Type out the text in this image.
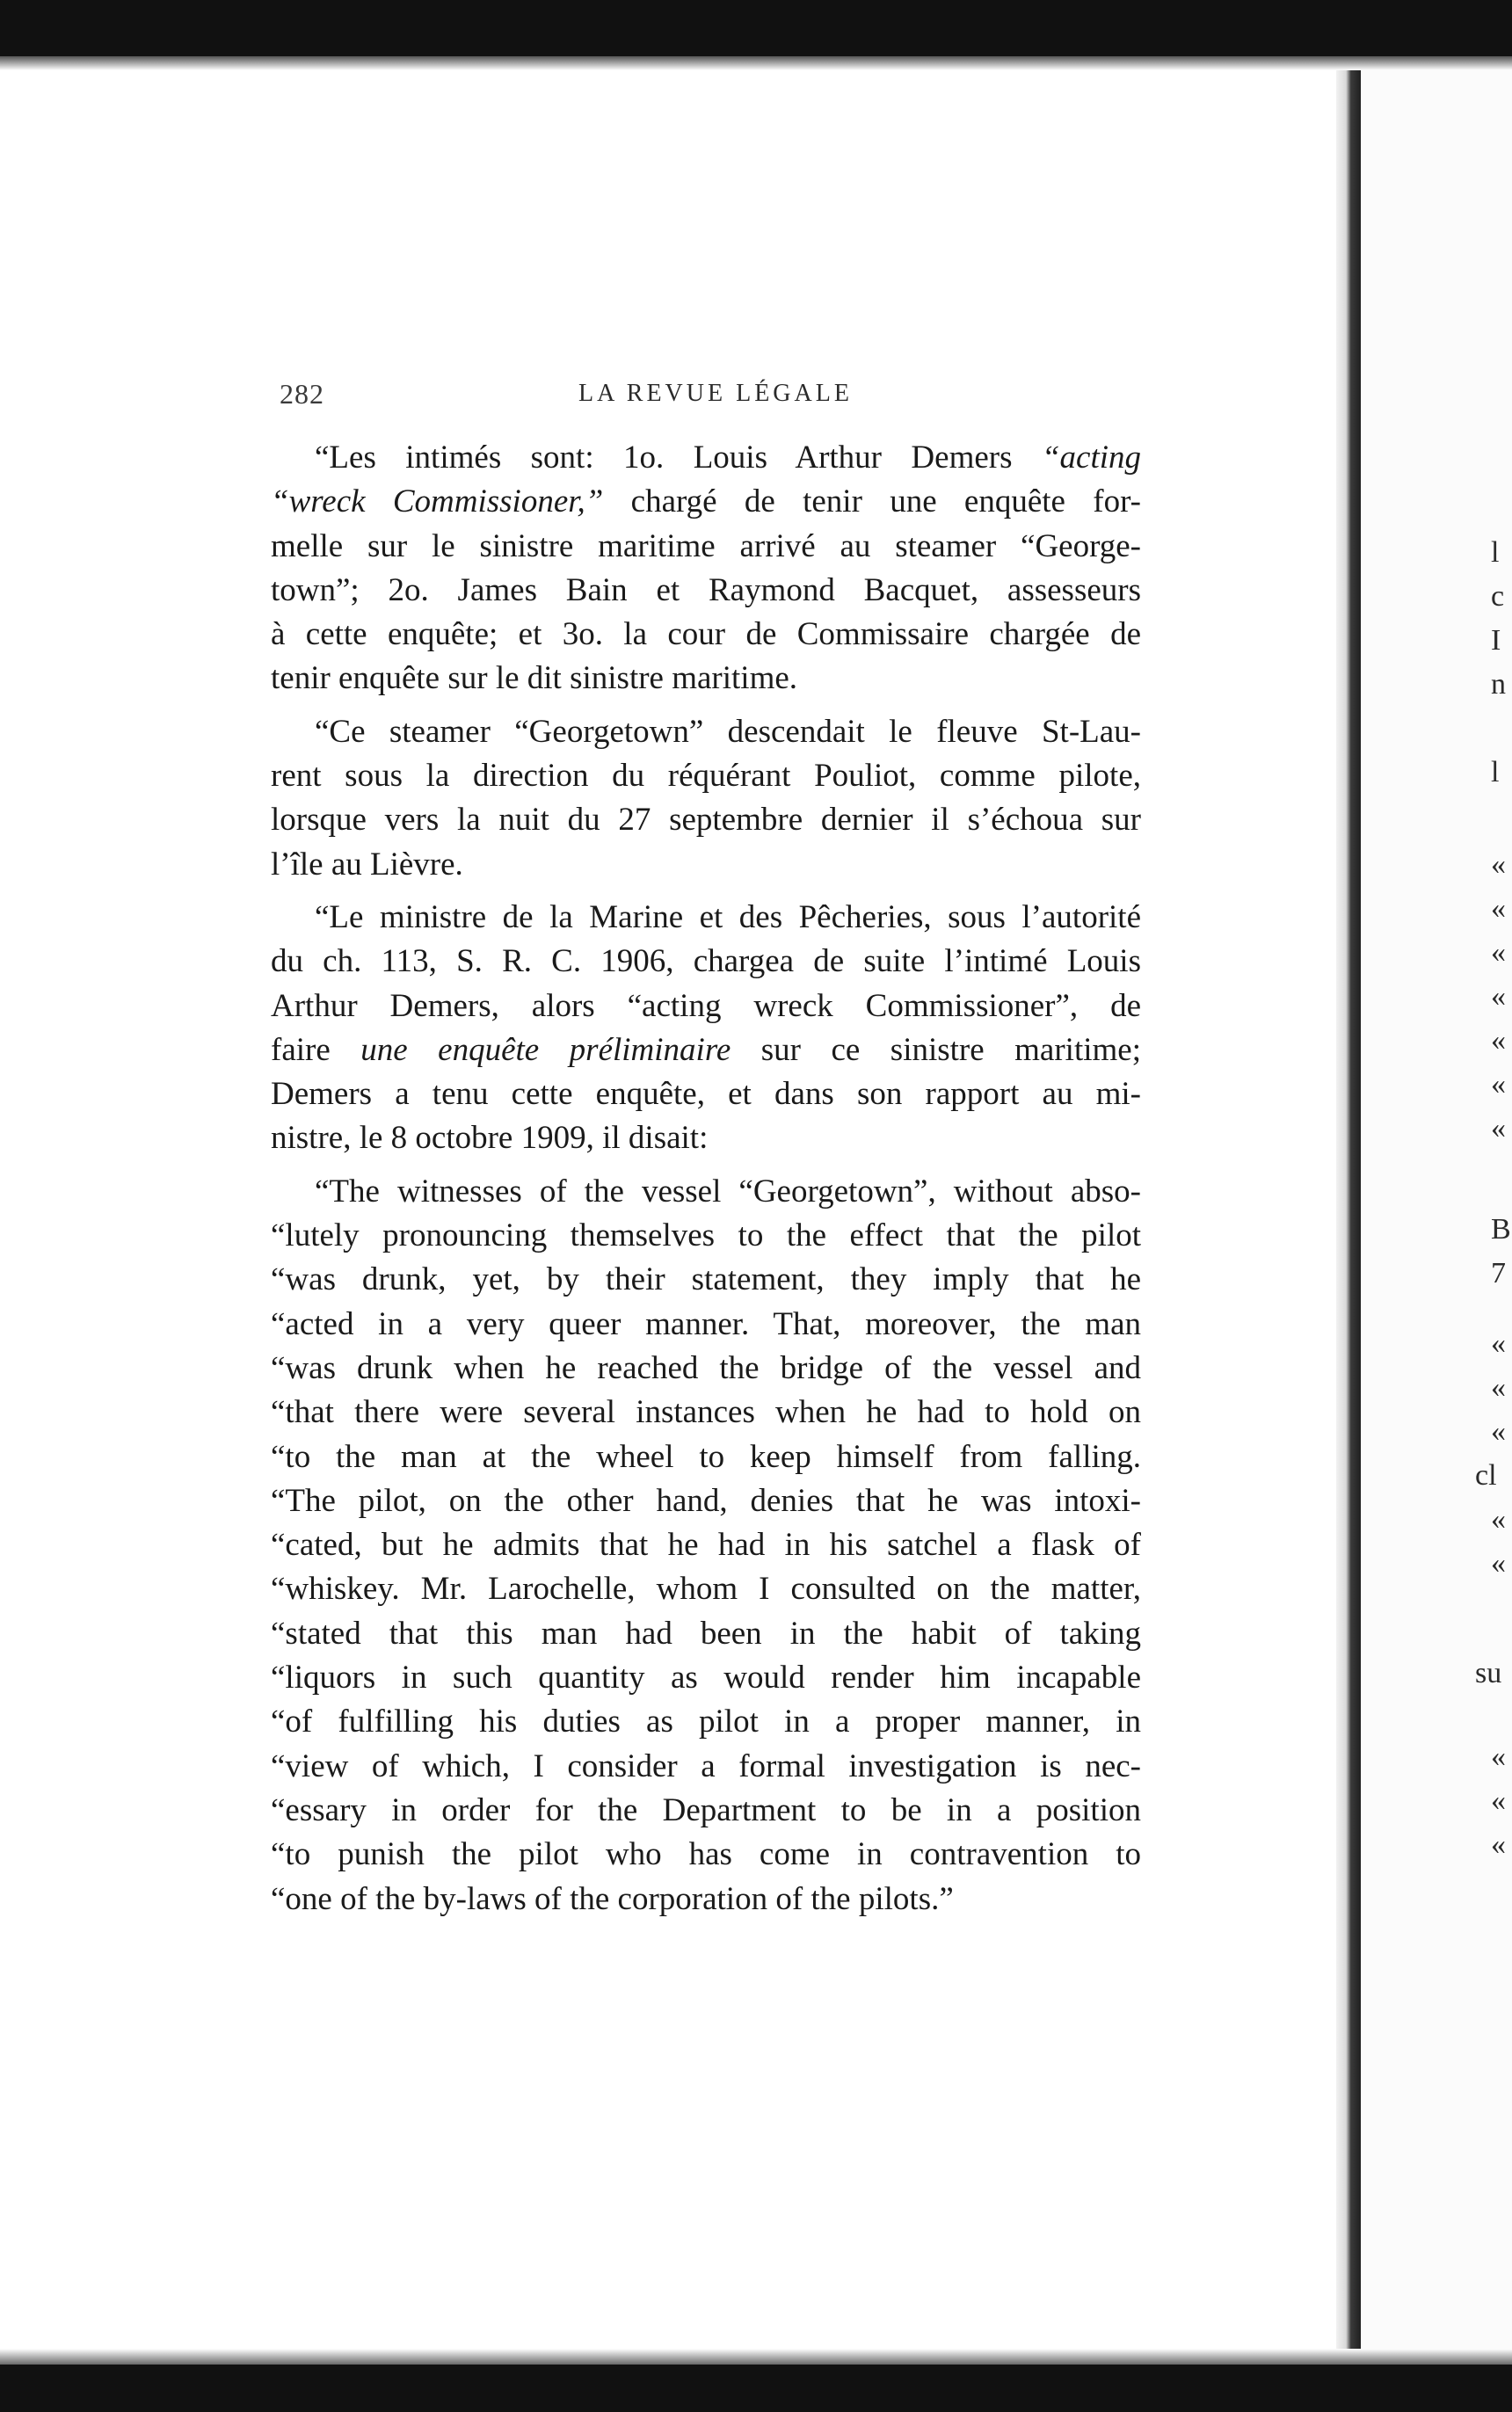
l
c
I
n
l
«
«
«
«
«
«
«
B
7
«
«
«
cl
«
«
su
«
«
«
282	LA REVUE LÉGALE
“Les intimés sont: 1o. Louis Arthur Demers “acting
“wreck Commissioner,” chargé de tenir une enquête for-
melle sur le sinistre maritime arrivé au steamer “George-
town”; 2o. James Bain et Raymond Bacquet, assesseurs
à cette enquête; et 3o. la cour de Commissaire chargée de
tenir enquête sur le dit sinistre maritime.
“Ce steamer “Georgetown” descendait le fleuve St-Lau-
rent sous la direction du réquérant Pouliot, comme pilote,
lorsque vers la nuit du 27 septembre dernier il s’échoua sur
l’île au Lièvre.
“Le ministre de la Marine et des Pêcheries, sous l’autorité
du ch. 113, S. R. C. 1906, chargea de suite l’intimé Louis
Arthur Demers, alors “acting wreck Commissioner”, de
faire une enquête préliminaire sur ce sinistre maritime;
Demers a tenu cette enquête, et dans son rapport au mi-
nistre, le 8 octobre 1909, il disait:
“The witnesses of the vessel “Georgetown”, without abso-
“lutely pronouncing themselves to the effect that the pilot
“was drunk, yet, by their statement, they imply that he
“acted in a very queer manner. That, moreover, the man
“was drunk when he reached the bridge of the vessel and
“that there were several instances when he had to hold on
“to the man at the wheel to keep himself from falling.
“The pilot, on the other hand, denies that he was intoxi-
“cated, but he admits that he had in his satchel a flask of
“whiskey. Mr. Larochelle, whom I consulted on the matter,
“stated that this man had been in the habit of taking
“liquors in such quantity as would render him incapable
“of fulfilling his duties as pilot in a proper manner, in
“view of which, I consider a formal investigation is nec-
“essary in order for the Department to be in a position
“to punish the pilot who has come in contravention to
“one of the by-laws of the corporation of the pilots.”
